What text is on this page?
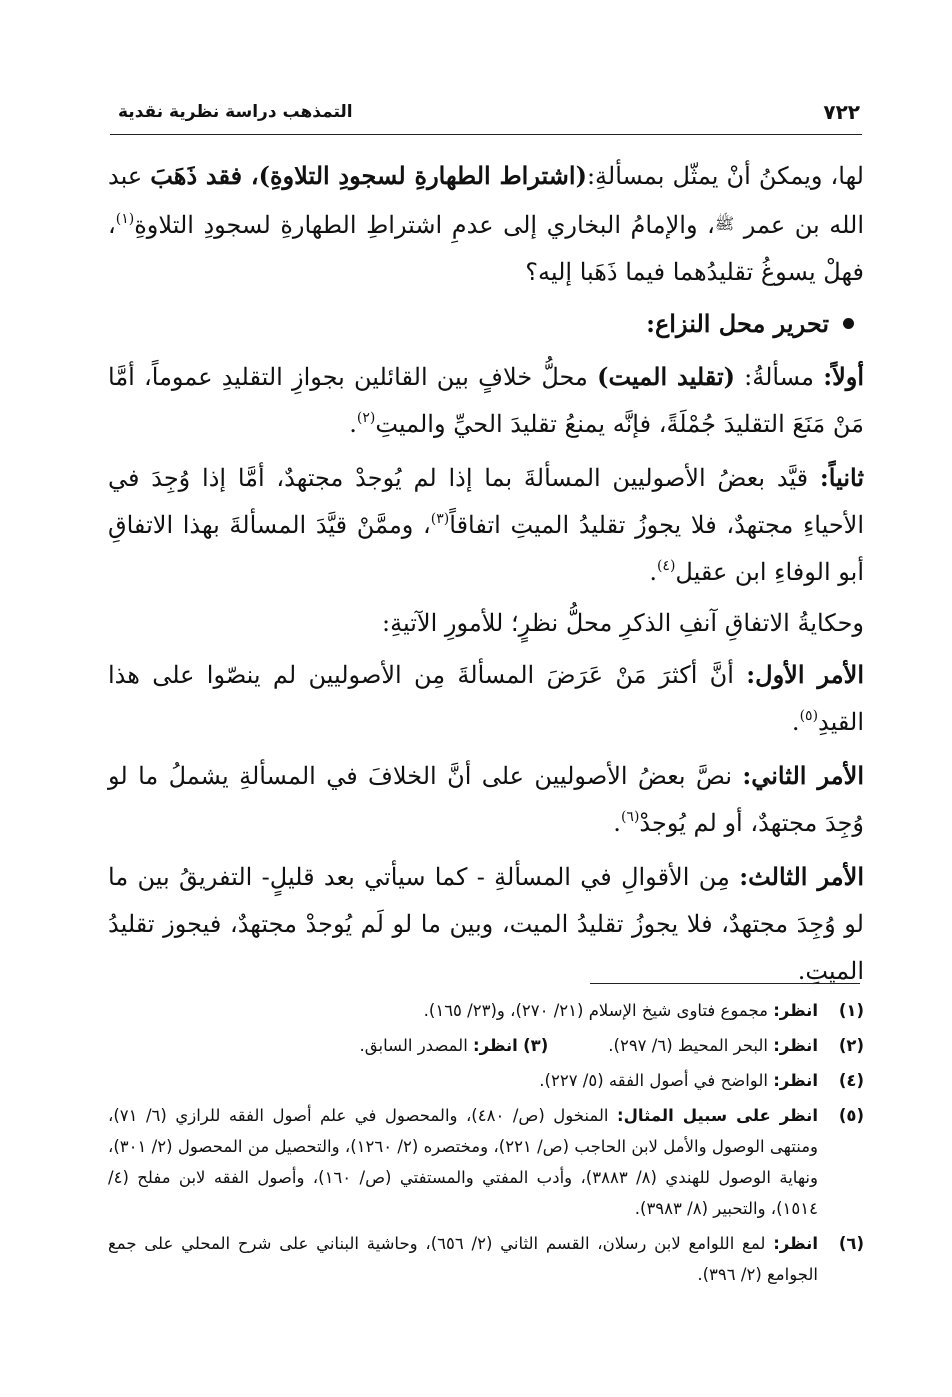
٧٢٢
التمذهب دراسة نظرية نقدية

لها، ويمكنُ أنْ يمثّل بمسألةِ:(اشتراط الطهارةِ لسجودِ التلاوةِ)، فقد ذَهَبَ عبد الله بن عمر ﷺ، والإمامُ البخاري إلى عدمِ اشتراطِ الطهارةِ لسجودِ التلاوةِ$^{(١)}$، فهلْ يسوغُ تقليدُهما فيما ذَهَبا إليه؟

تحرير محل النزاع:

أولاً: مسألةُ: (تقليد الميت) محلُّ خلافٍ بين القائلين بجوازِ التقليدِ عموماً، أمَّا مَنْ مَنَعَ التقليدَ جُمْلَةً، فإنَّه يمنعُ تقليدَ الحيِّ والميتِ$^{(٢)}$.

ثانياً: قيَّد بعضُ الأصوليين المسألةَ بما إذا لم يُوجدْ مجتهدٌ، أمَّا إذا وُجِدَ في الأحياءِ مجتهدٌ، فلا يجوزُ تقليدُ الميتِ اتفاقاً$^{(٣)}$، وممَّنْ قيَّدَ المسألةَ بهذا الاتفاقِ أبو الوفاءِ ابن عقيل$^{(٤)}$.

وحكايةُ الاتفاقِ آنفِ الذكرِ محلُّ نظرٍ؛ للأمورِ الآتيةِ:

الأمر الأول: أنَّ أكثرَ مَنْ عَرَضَ المسألةَ مِن الأصوليين لم ينصّوا على هذا القيدِ$^{(٥)}$.

الأمر الثاني: نصَّ بعضُ الأصوليين على أنَّ الخلافَ في المسألةِ يشملُ ما لو وُجِدَ مجتهدٌ، أو لم يُوجدْ$^{(٦)}$.

الأمر الثالث: مِن الأقوالِ في المسألةِ - كما سيأتي بعد قليلٍ- التفريقُ بين ما لو وُجِدَ مجتهدٌ، فلا يجوزُ تقليدُ الميت، وبين ما لو لَم يُوجدْ مجتهدٌ، فيجوز تقليدُ الميتِ.

(١)
انظر: مجموع فتاوى شيخ الإسلام (٢١/ ٢٧٠)، و(٢٣/ ١٦٥).
(٢)
انظر: البحر المحيط (٦/ ٢٩٧).
(٣) انظر: المصدر السابق.
(٤)
انظر: الواضح في أصول الفقه (٥/ ٢٢٧).
(٥)
انظر على سبيل المثال: المنخول (ص/ ٤٨٠)، والمحصول في علم أصول الفقه للرازي (٦/ ٧١)، ومنتهى الوصول والأمل لابن الحاجب (ص/ ٢٢١)، ومختصره (٢/ ١٢٦٠)، والتحصيل من المحصول (٢/ ٣٠١)، ونهاية الوصول للهندي (٨/ ٣٨٨٣)، وأدب المفتي والمستفتي (ص/ ١٦٠)، وأصول الفقه لابن مفلح (٤/ ١٥١٤)، والتحبير (٨/ ٣٩٨٣).
(٦)
انظر: لمع اللوامع لابن رسلان، القسم الثاني (٢/ ٦٥٦)، وحاشية البناني على شرح المحلي على جمع الجوامع (٢/ ٣٩٦).
